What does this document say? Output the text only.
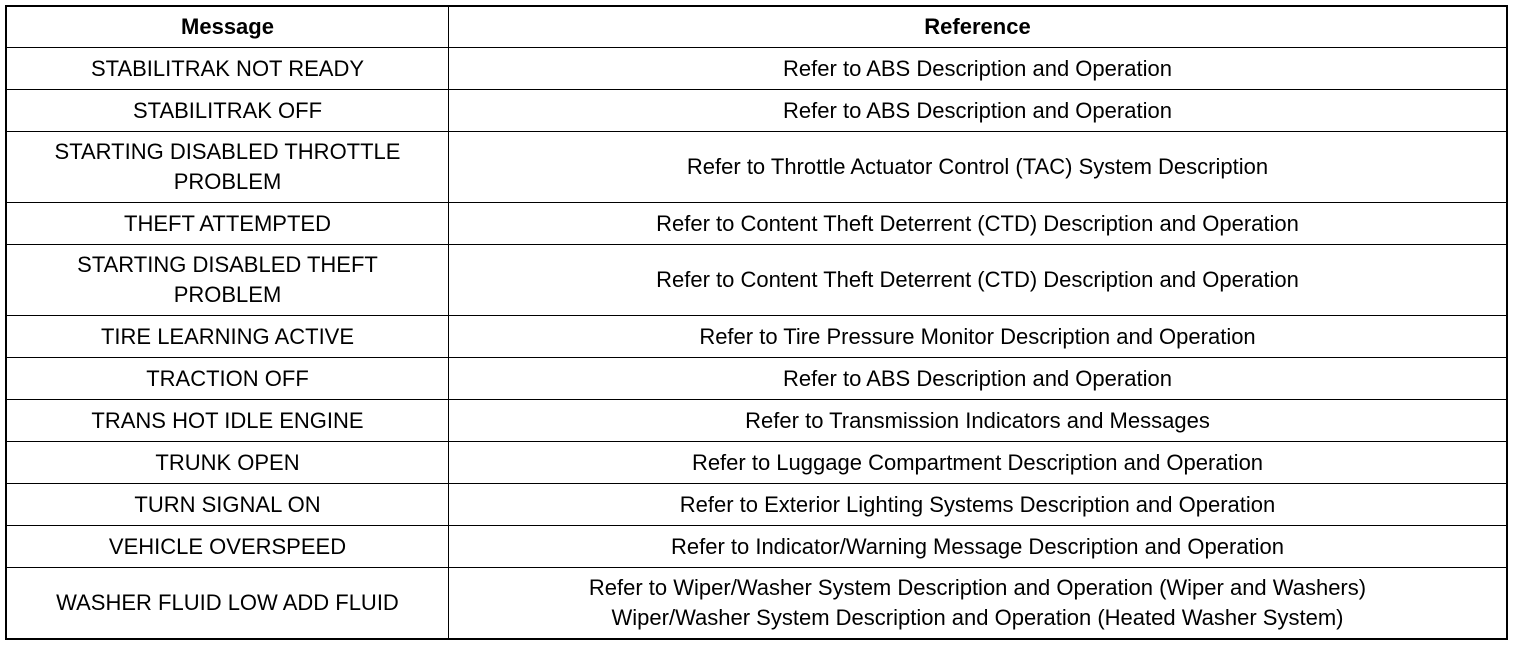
Message	Reference

STABILITRAK NOT READY	Refer to ABS Description and Operation

STABILITRAK OFF	Refer to ABS Description and Operation

STARTING DISABLED THROTTLE
PROBLEM	Refer to Throttle Actuator Control (TAC) System Description

THEFT ATTEMPTED	Refer to Content Theft Deterrent (CTD) Description and Operation

STARTING DISABLED THEFT
PROBLEM	Refer to Content Theft Deterrent (CTD) Description and Operation

TIRE LEARNING ACTIVE	Refer to Tire Pressure Monitor Description and Operation

TRACTION OFF	Refer to ABS Description and Operation

TRANS HOT IDLE ENGINE	Refer to Transmission Indicators and Messages

TRUNK OPEN	Refer to Luggage Compartment Description and Operation

TURN SIGNAL ON	Refer to Exterior Lighting Systems Description and Operation

VEHICLE OVERSPEED	Refer to Indicator/Warning Message Description and Operation

WASHER FLUID LOW ADD FLUID	Refer to Wiper/Washer System Description and Operation (Wiper and Washers)
Wiper/Washer System Description and Operation (Heated Washer System)
